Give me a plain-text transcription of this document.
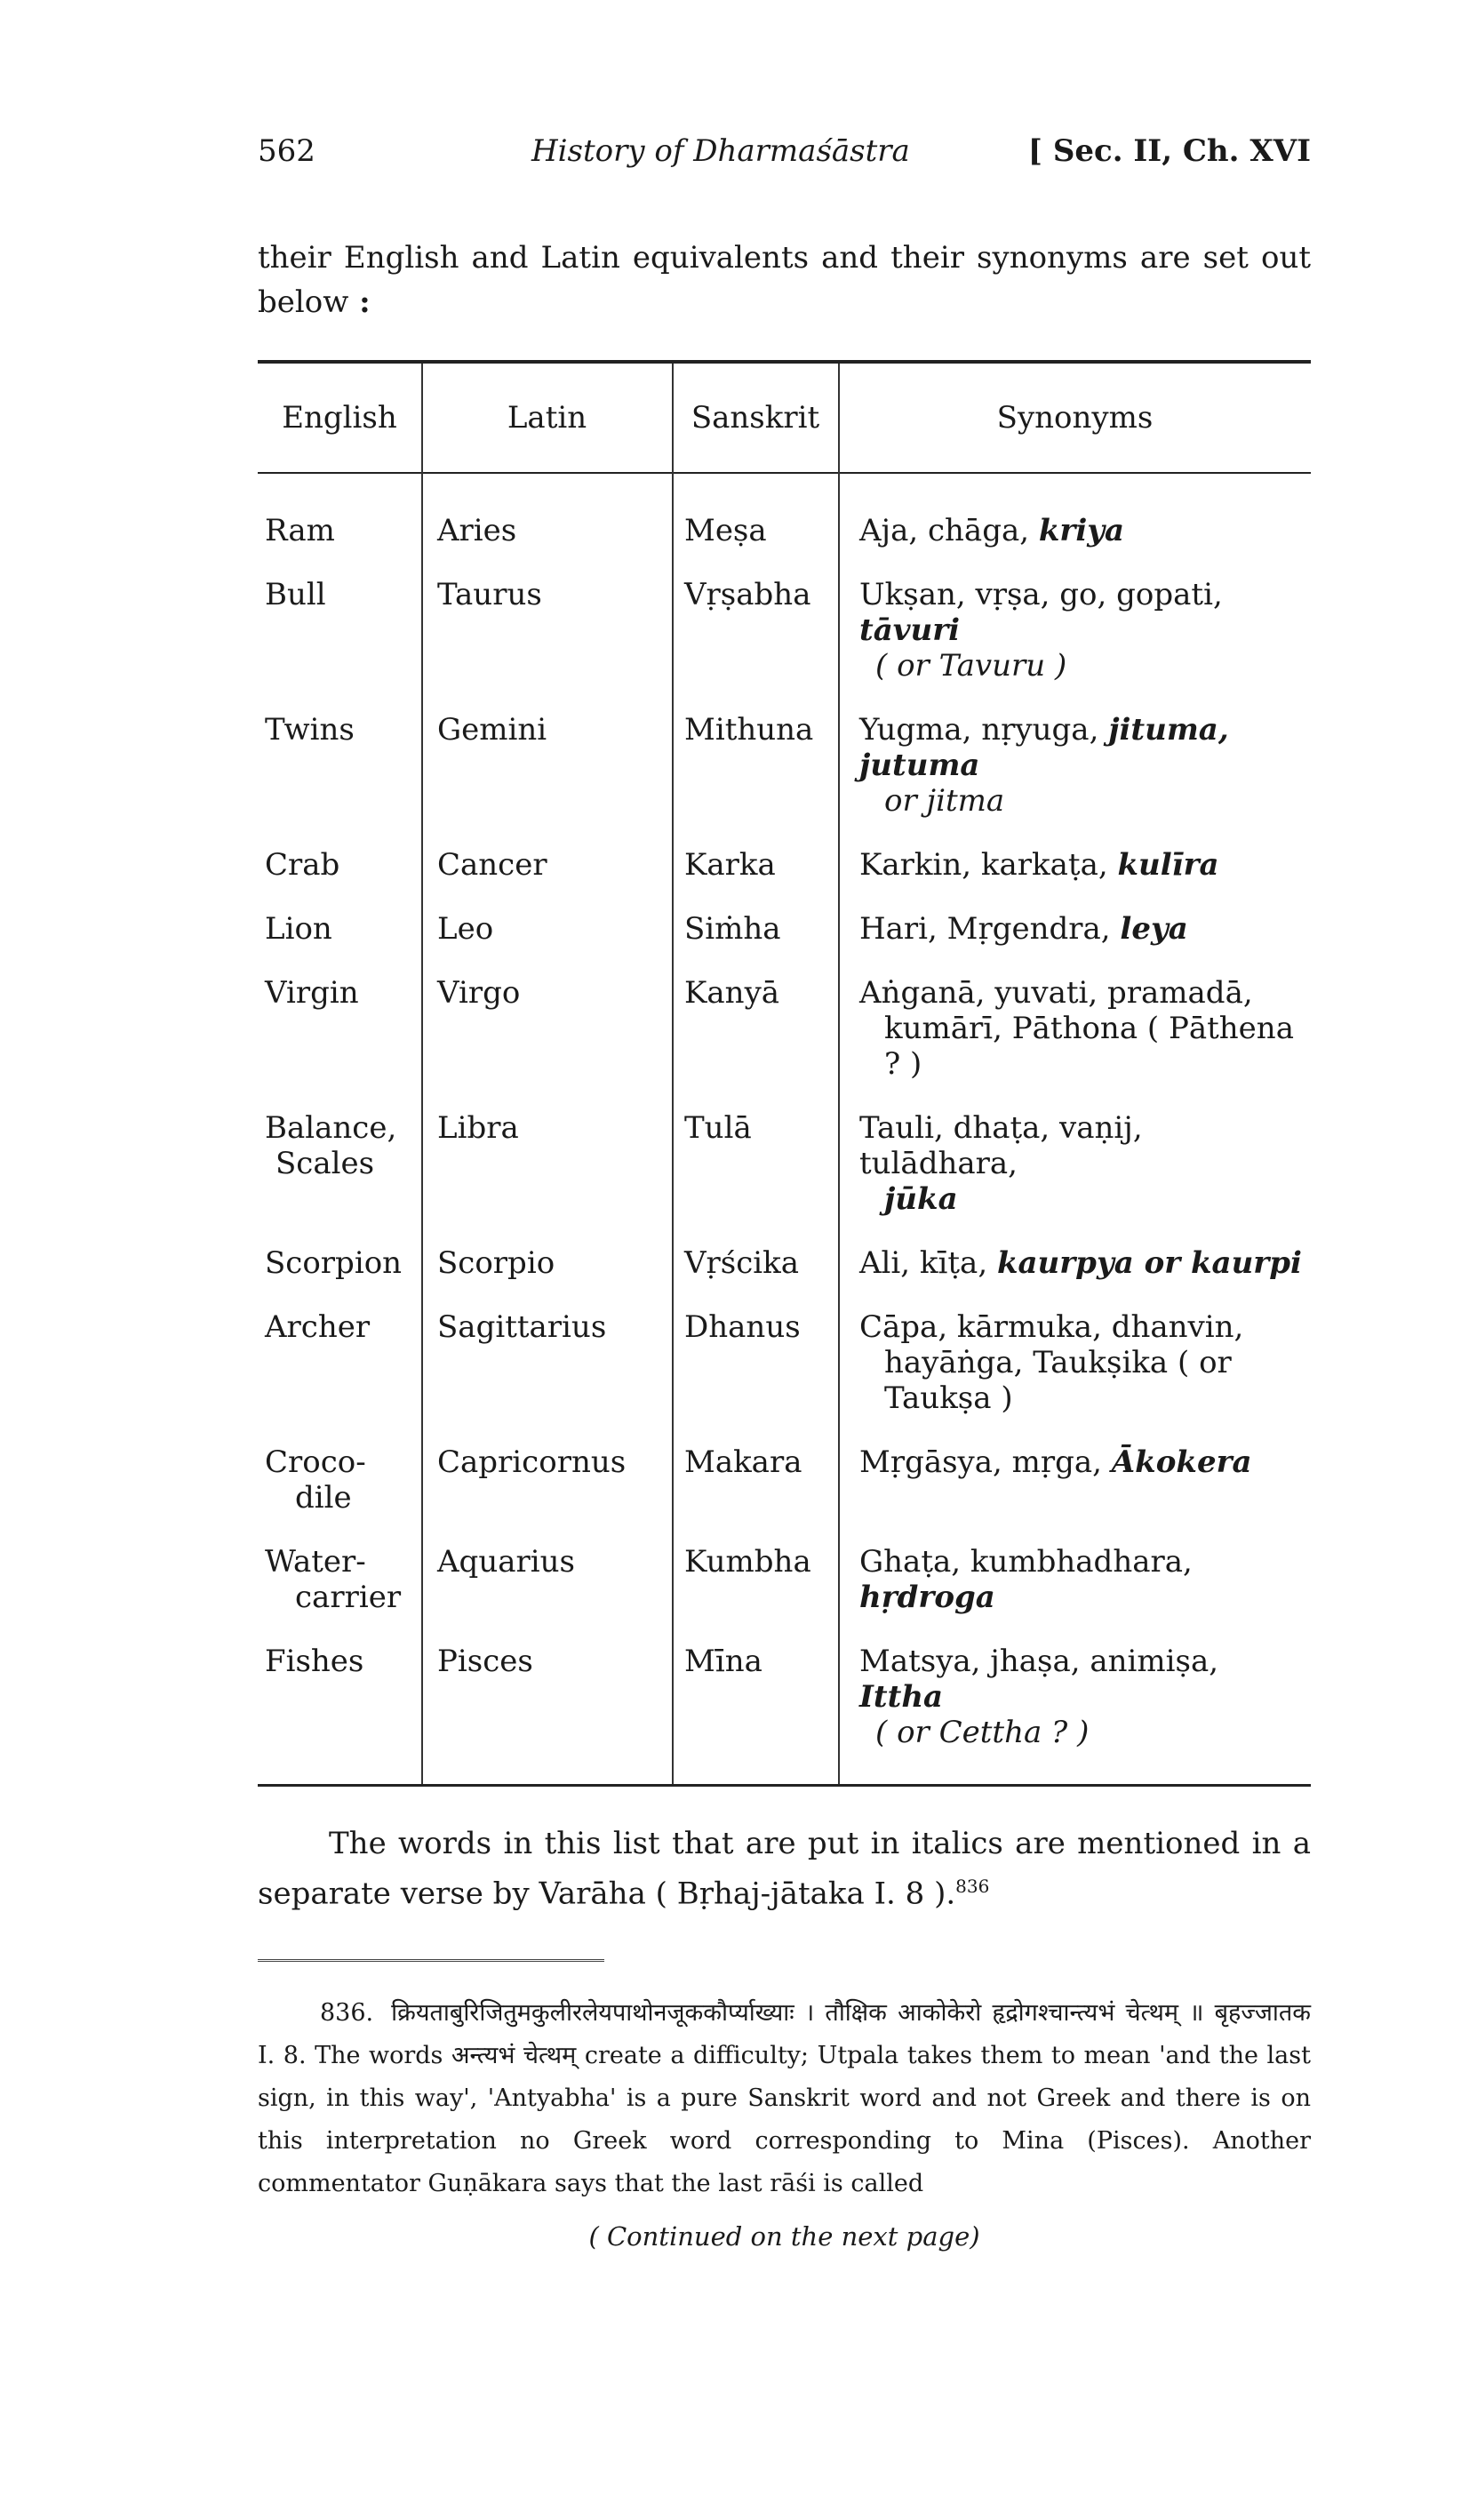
562	History of Dharmaśāstra	[ Sec. II, Ch. XVI
their English and Latin equivalents and their synonyms are set out below :
English	Latin	Sanskrit	Synonyms
Ram	Aries	Meṣa	Aja, chāga, kriya
Bull	Taurus	Vṛṣabha	Ukṣan, vṛṣa, go, gopati, tāvuri
( or Tavuru )

Twins	Gemini	Mithuna	Yugma, nṛyuga, jituma, jutuma
or jitma

Crab	Cancer	Karka	Karkin, karkaṭa, kulīra
Lion	Leo	Siṁha	Hari, Mṛgendra, leya
Virgin	Virgo	Kanyā	Aṅganā, yuvati, pramadā,
kumārī, Pāthona ( Pāthena ? )

Balance,
Scales	Libra	Tulā	Tauli, dhaṭa, vaṇij, tulādhara,
jūka

Scorpion	Scorpio	Vṛścika	Ali, kīṭa, kaurpya or kaurpi
Archer	Sagittarius	Dhanus	Cāpa, kārmuka, dhanvin,
hayāṅga, Taukṣika ( or Taukṣa )

Croco-
dile	Capricornus	Makara	Mṛgāsya, mṛga, Ākokera
Water-
carrier	Aquarius	Kumbha	Ghaṭa, kumbhadhara, hṛdroga
Fishes	Pisces	Mīna	Matsya, jhaṣa, animiṣa, Ittha
( or Cettha ? )
The words in this list that are put in italics are mentioned in a separate verse by Varāha ( Bṛhaj-jātaka I. 8 ).$^{836}$
836. क्रियताबुरिजितुमकुलीरलेयपाथोनजूककौर्प्याख्याः । तौक्षिक आकोकेरो हृद्रोगश्चान्त्यभं चेत्थम् ॥ बृहज्जातक I. 8. The words अन्त्यभं चेत्थम् create a difficulty; Utpala takes them to mean 'and the last sign, in this way', 'Antyabha' is a pure Sanskrit word and not Greek and there is on this interpretation no Greek word corresponding to Mina (Pisces). Another commentator Guṇākara says that the last rāśi is called
( Continued on the next page)
